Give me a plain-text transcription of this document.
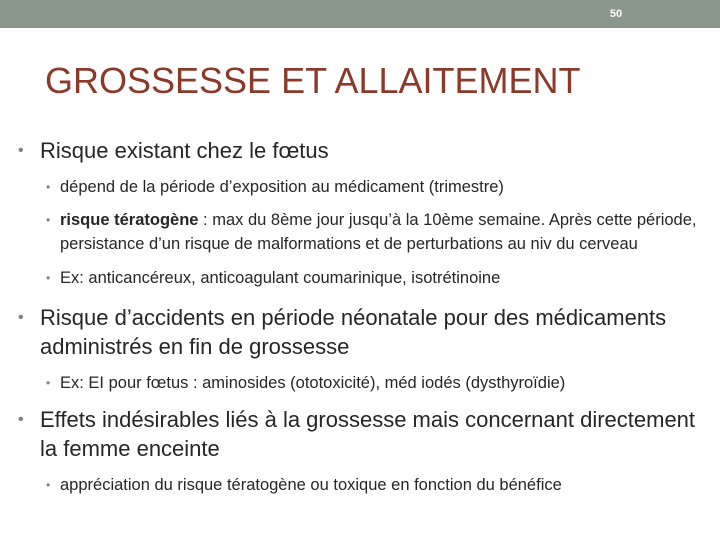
50
GROSSESSE ET ALLAITEMENT
• Risque existant chez le fœtus
• dépend de la période d’exposition au médicament (trimestre)
• risque tératogène : max du 8ème jour jusqu’à la 10ème semaine. Après cette période, persistance d’un risque de malformations et de perturbations au niv du cerveau
• Ex: anticancéreux, anticoagulant coumarinique, isotrétinoine
• Risque d’accidents en période néonatale pour des médicaments administrés en fin de grossesse
• Ex: EI pour fœtus : aminosides (ototoxicité), méd iodés (dysthyroïdie)
• Effets indésirables liés à la grossesse mais concernant directement la femme enceinte
• appréciation du risque tératogène ou toxique en fonction du bénéfice
